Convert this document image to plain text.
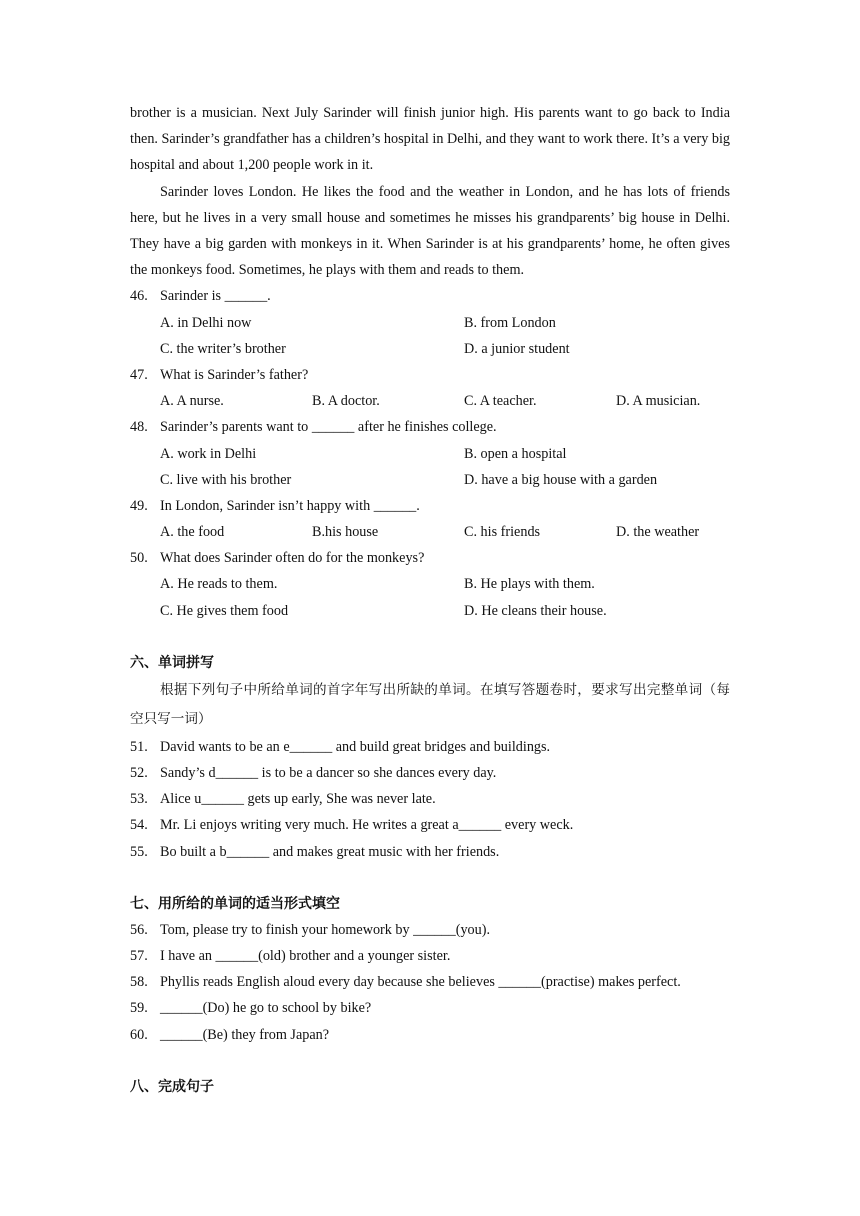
brother is a musician. Next July Sarinder will finish junior high. His parents want to go back to India then. Sarinder’s grandfather has a children’s hospital in Delhi, and they want to work there. It’s a very big hospital and about 1,200 people work in it.

Sarinder loves London. He likes the food and the weather in London, and he has lots of friends here, but he lives in a very small house and sometimes he misses his grandparents’ big house in Delhi. They have a big garden with monkeys in it. When Sarinder is at his grandparents’ home, he often gives the monkeys food. Sometimes, he plays with them and reads to them.

46. Sarinder is ______.
A. in Delhi now	B. from London
C. the writer’s brother	D. a junior student
47. What is Sarinder’s father?
A. A nurse.	B. A doctor.	C. A teacher.	D. A musician.
48. Sarinder’s parents want to ______ after he finishes college.
A. work in Delhi	B. open a hospital
C. live with his brother	D. have a big house with a garden
49. In London, Sarinder isn’t happy with ______.
A. the food	B.his house	C. his friends	D. the weather
50. What does Sarinder often do for the monkeys?
A. He reads to them.	B. He plays with them.
C. He gives them food	D. He cleans their house.

六、单词拼写

根据下列句子中所给单词的首字年写出所缺的单词。在填写答题卷时，要求写出完整单词（每空只写一词）

51. David wants to be an e______ and build great bridges and buildings.
52. Sandy’s d______ is to be a dancer so she dances every day.
53. Alice u______ gets up early, She was never late.
54. Mr. Li enjoys writing very much. He writes a great a______ every weck.
55. Bo built a b______ and makes great music with her friends.

七、用所给的单词的适当形式填空

56. Tom, please try to finish your homework by ______(you).
57. I have an ______(old) brother and a younger sister.
58. Phyllis reads English aloud every day because she believes ______(practise) makes perfect.
59. ______(Do) he go to school by bike?
60. ______(Be) they from Japan?

八、完成句子
